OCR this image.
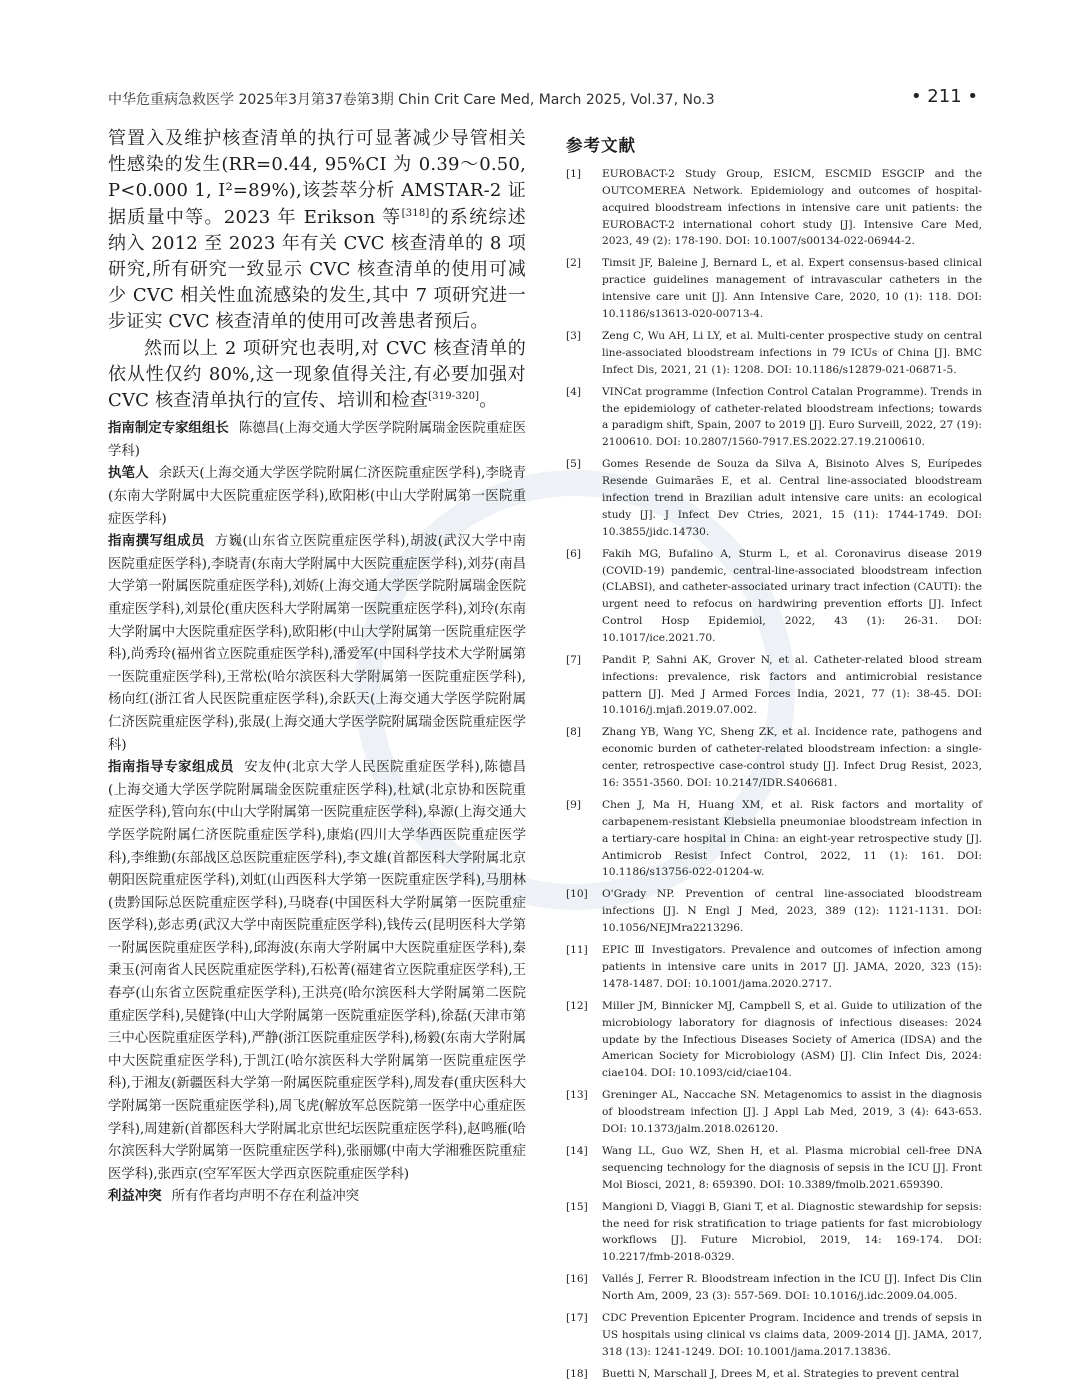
中华危重病急救医学 2025年3月第37卷第3期 Chin Crit Care Med, March 2025, Vol.37, No.3	• 211 •

管置入及维护核查清单的执行可显著减少导管相关性感染的发生(RR=0.44, 95%CI 为 0.39～0.50, P<0.000 1, I²=89%),该荟萃分析 AMSTAR-2 证据质量中等。2023 年 Erikson 等[318]的系统综述纳入 2012 至 2023 年有关 CVC 核查清单的 8 项研究,所有研究一致显示 CVC 核查清单的使用可减少 CVC 相关性血流感染的发生,其中 7 项研究进一步证实 CVC 核查清单的使用可改善患者预后。

然而以上 2 项研究也表明,对 CVC 核查清单的依从性仅约 80%,这一现象值得关注,有必要加强对 CVC 核查清单执行的宣传、培训和检查[319-320]。

指南制定专家组组长 陈德昌(上海交通大学医学院附属瑞金医院重症医学科)

执笔人 余跃天(上海交通大学医学院附属仁济医院重症医学科),李晓青(东南大学附属中大医院重症医学科),欧阳彬(中山大学附属第一医院重症医学科)

指南撰写组成员 方巍(山东省立医院重症医学科),胡波(武汉大学中南医院重症医学科),李晓青(东南大学附属中大医院重症医学科),刘芬(南昌大学第一附属医院重症医学科),刘娇(上海交通大学医学院附属瑞金医院重症医学科),刘景伦(重庆医科大学附属第一医院重症医学科),刘玲(东南大学附属中大医院重症医学科),欧阳彬(中山大学附属第一医院重症医学科),尚秀玲(福州省立医院重症医学科),潘爱军(中国科学技术大学附属第一医院重症医学科),王常松(哈尔滨医科大学附属第一医院重症医学科),杨向红(浙江省人民医院重症医学科),余跃天(上海交通大学医学院附属仁济医院重症医学科),张晟(上海交通大学医学院附属瑞金医院重症医学科)

指南指导专家组成员 安友仲(北京大学人民医院重症医学科),陈德昌(上海交通大学医学院附属瑞金医院重症医学科),杜斌(北京协和医院重症医学科),管向东(中山大学附属第一医院重症医学科),皋源(上海交通大学医学院附属仁济医院重症医学科),康焰(四川大学华西医院重症医学科),李维勤(东部战区总医院重症医学科),李文雄(首都医科大学附属北京朝阳医院重症医学科),刘虹(山西医科大学第一医院重症医学科),马朋林(贵黔国际总医院重症医学科),马晓春(中国医科大学附属第一医院重症医学科),彭志勇(武汉大学中南医院重症医学科),钱传云(昆明医科大学第一附属医院重症医学科),邱海波(东南大学附属中大医院重症医学科),秦秉玉(河南省人民医院重症医学科),石松菁(福建省立医院重症医学科),王春亭(山东省立医院重症医学科),王洪亮(哈尔滨医科大学附属第二医院重症医学科),吴健锋(中山大学附属第一医院重症医学科),徐磊(天津市第三中心医院重症医学科),严静(浙江医院重症医学科),杨毅(东南大学附属中大医院重症医学科),于凯江(哈尔滨医科大学附属第一医院重症医学科),于湘友(新疆医科大学第一附属医院重症医学科),周发春(重庆医科大学附属第一医院重症医学科),周飞虎(解放军总医院第一医学中心重症医学科),周建新(首都医科大学附属北京世纪坛医院重症医学科),赵鸣雁(哈尔滨医科大学附属第一医院重症医学科),张丽娜(中南大学湘雅医院重症医学科),张西京(空军军医大学西京医院重症医学科)

利益冲突 所有作者均声明不存在利益冲突

参考文献

[1] EUROBACT-2 Study Group, ESICM, ESCMID ESGCIP and the OUTCOMEREA Network. Epidemiology and outcomes of hospital-acquired bloodstream infections in intensive care unit patients: the EUROBACT-2 international cohort study [J]. Intensive Care Med, 2023, 49 (2): 178-190. DOI: 10.1007/s00134-022-06944-2.

[2] Timsit JF, Baleine J, Bernard L, et al. Expert consensus-based clinical practice guidelines management of intravascular catheters in the intensive care unit [J]. Ann Intensive Care, 2020, 10 (1): 118. DOI: 10.1186/s13613-020-00713-4.

[3] Zeng C, Wu AH, Li LY, et al. Multi-center prospective study on central line-associated bloodstream infections in 79 ICUs of China [J]. BMC Infect Dis, 2021, 21 (1): 1208. DOI: 10.1186/s12879-021-06871-5.

[4] VINCat programme (Infection Control Catalan Programme). Trends in the epidemiology of catheter-related bloodstream infections; towards a paradigm shift, Spain, 2007 to 2019 [J]. Euro Surveill, 2022, 27 (19): 2100610. DOI: 10.2807/1560-7917.ES.2022.27.19.2100610.

[5] Gomes Resende de Souza da Silva A, Bisinoto Alves S, Eurípedes Resende Guimarães E, et al. Central line-associated bloodstream infection trend in Brazilian adult intensive care units: an ecological study [J]. J Infect Dev Ctries, 2021, 15 (11): 1744-1749. DOI: 10.3855/jidc.14730.

[6] Fakih MG, Bufalino A, Sturm L, et al. Coronavirus disease 2019 (COVID-19) pandemic, central-line-associated bloodstream infection (CLABSI), and catheter-associated urinary tract infection (CAUTI): the urgent need to refocus on hardwiring prevention efforts [J]. Infect Control Hosp Epidemiol, 2022, 43 (1): 26-31. DOI: 10.1017/ice.2021.70.

[7] Pandit P, Sahni AK, Grover N, et al. Catheter-related blood stream infections: prevalence, risk factors and antimicrobial resistance pattern [J]. Med J Armed Forces India, 2021, 77 (1): 38-45. DOI: 10.1016/j.mjafi.2019.07.002.

[8] Zhang YB, Wang YC, Sheng ZK, et al. Incidence rate, pathogens and economic burden of catheter-related bloodstream infection: a single-center, retrospective case-control study [J]. Infect Drug Resist, 2023, 16: 3551-3560. DOI: 10.2147/IDR.S406681.

[9] Chen J, Ma H, Huang XM, et al. Risk factors and mortality of carbapenem-resistant Klebsiella pneumoniae bloodstream infection in a tertiary-care hospital in China: an eight-year retrospective study [J]. Antimicrob Resist Infect Control, 2022, 11 (1): 161. DOI: 10.1186/s13756-022-01204-w.

[10] O'Grady NP. Prevention of central line-associated bloodstream infections [J]. N Engl J Med, 2023, 389 (12): 1121-1131. DOI: 10.1056/NEJMra2213296.

[11] EPIC Ⅲ Investigators. Prevalence and outcomes of infection among patients in intensive care units in 2017 [J]. JAMA, 2020, 323 (15): 1478-1487. DOI: 10.1001/jama.2020.2717.

[12] Miller JM, Binnicker MJ, Campbell S, et al. Guide to utilization of the microbiology laboratory for diagnosis of infectious diseases: 2024 update by the Infectious Diseases Society of America (IDSA) and the American Society for Microbiology (ASM) [J]. Clin Infect Dis, 2024: ciae104. DOI: 10.1093/cid/ciae104.

[13] Greninger AL, Naccache SN. Metagenomics to assist in the diagnosis of bloodstream infection [J]. J Appl Lab Med, 2019, 3 (4): 643-653. DOI: 10.1373/jalm.2018.026120.

[14] Wang LL, Guo WZ, Shen H, et al. Plasma microbial cell-free DNA sequencing technology for the diagnosis of sepsis in the ICU [J]. Front Mol Biosci, 2021, 8: 659390. DOI: 10.3389/fmolb.2021.659390.

[15] Mangioni D, Viaggi B, Giani T, et al. Diagnostic stewardship for sepsis: the need for risk stratification to triage patients for fast microbiology workflows [J]. Future Microbiol, 2019, 14: 169-174. DOI: 10.2217/fmb-2018-0329.

[16] Vallés J, Ferrer R. Bloodstream infection in the ICU [J]. Infect Dis Clin North Am, 2009, 23 (3): 557-569. DOI: 10.1016/j.idc.2009.04.005.

[17] CDC Prevention Epicenter Program. Incidence and trends of sepsis in US hospitals using clinical vs claims data, 2009-2014 [J]. JAMA, 2017, 318 (13): 1241-1249. DOI: 10.1001/jama.2017.13836.

[18] Buetti N, Marschall J, Drees M, et al. Strategies to prevent central
